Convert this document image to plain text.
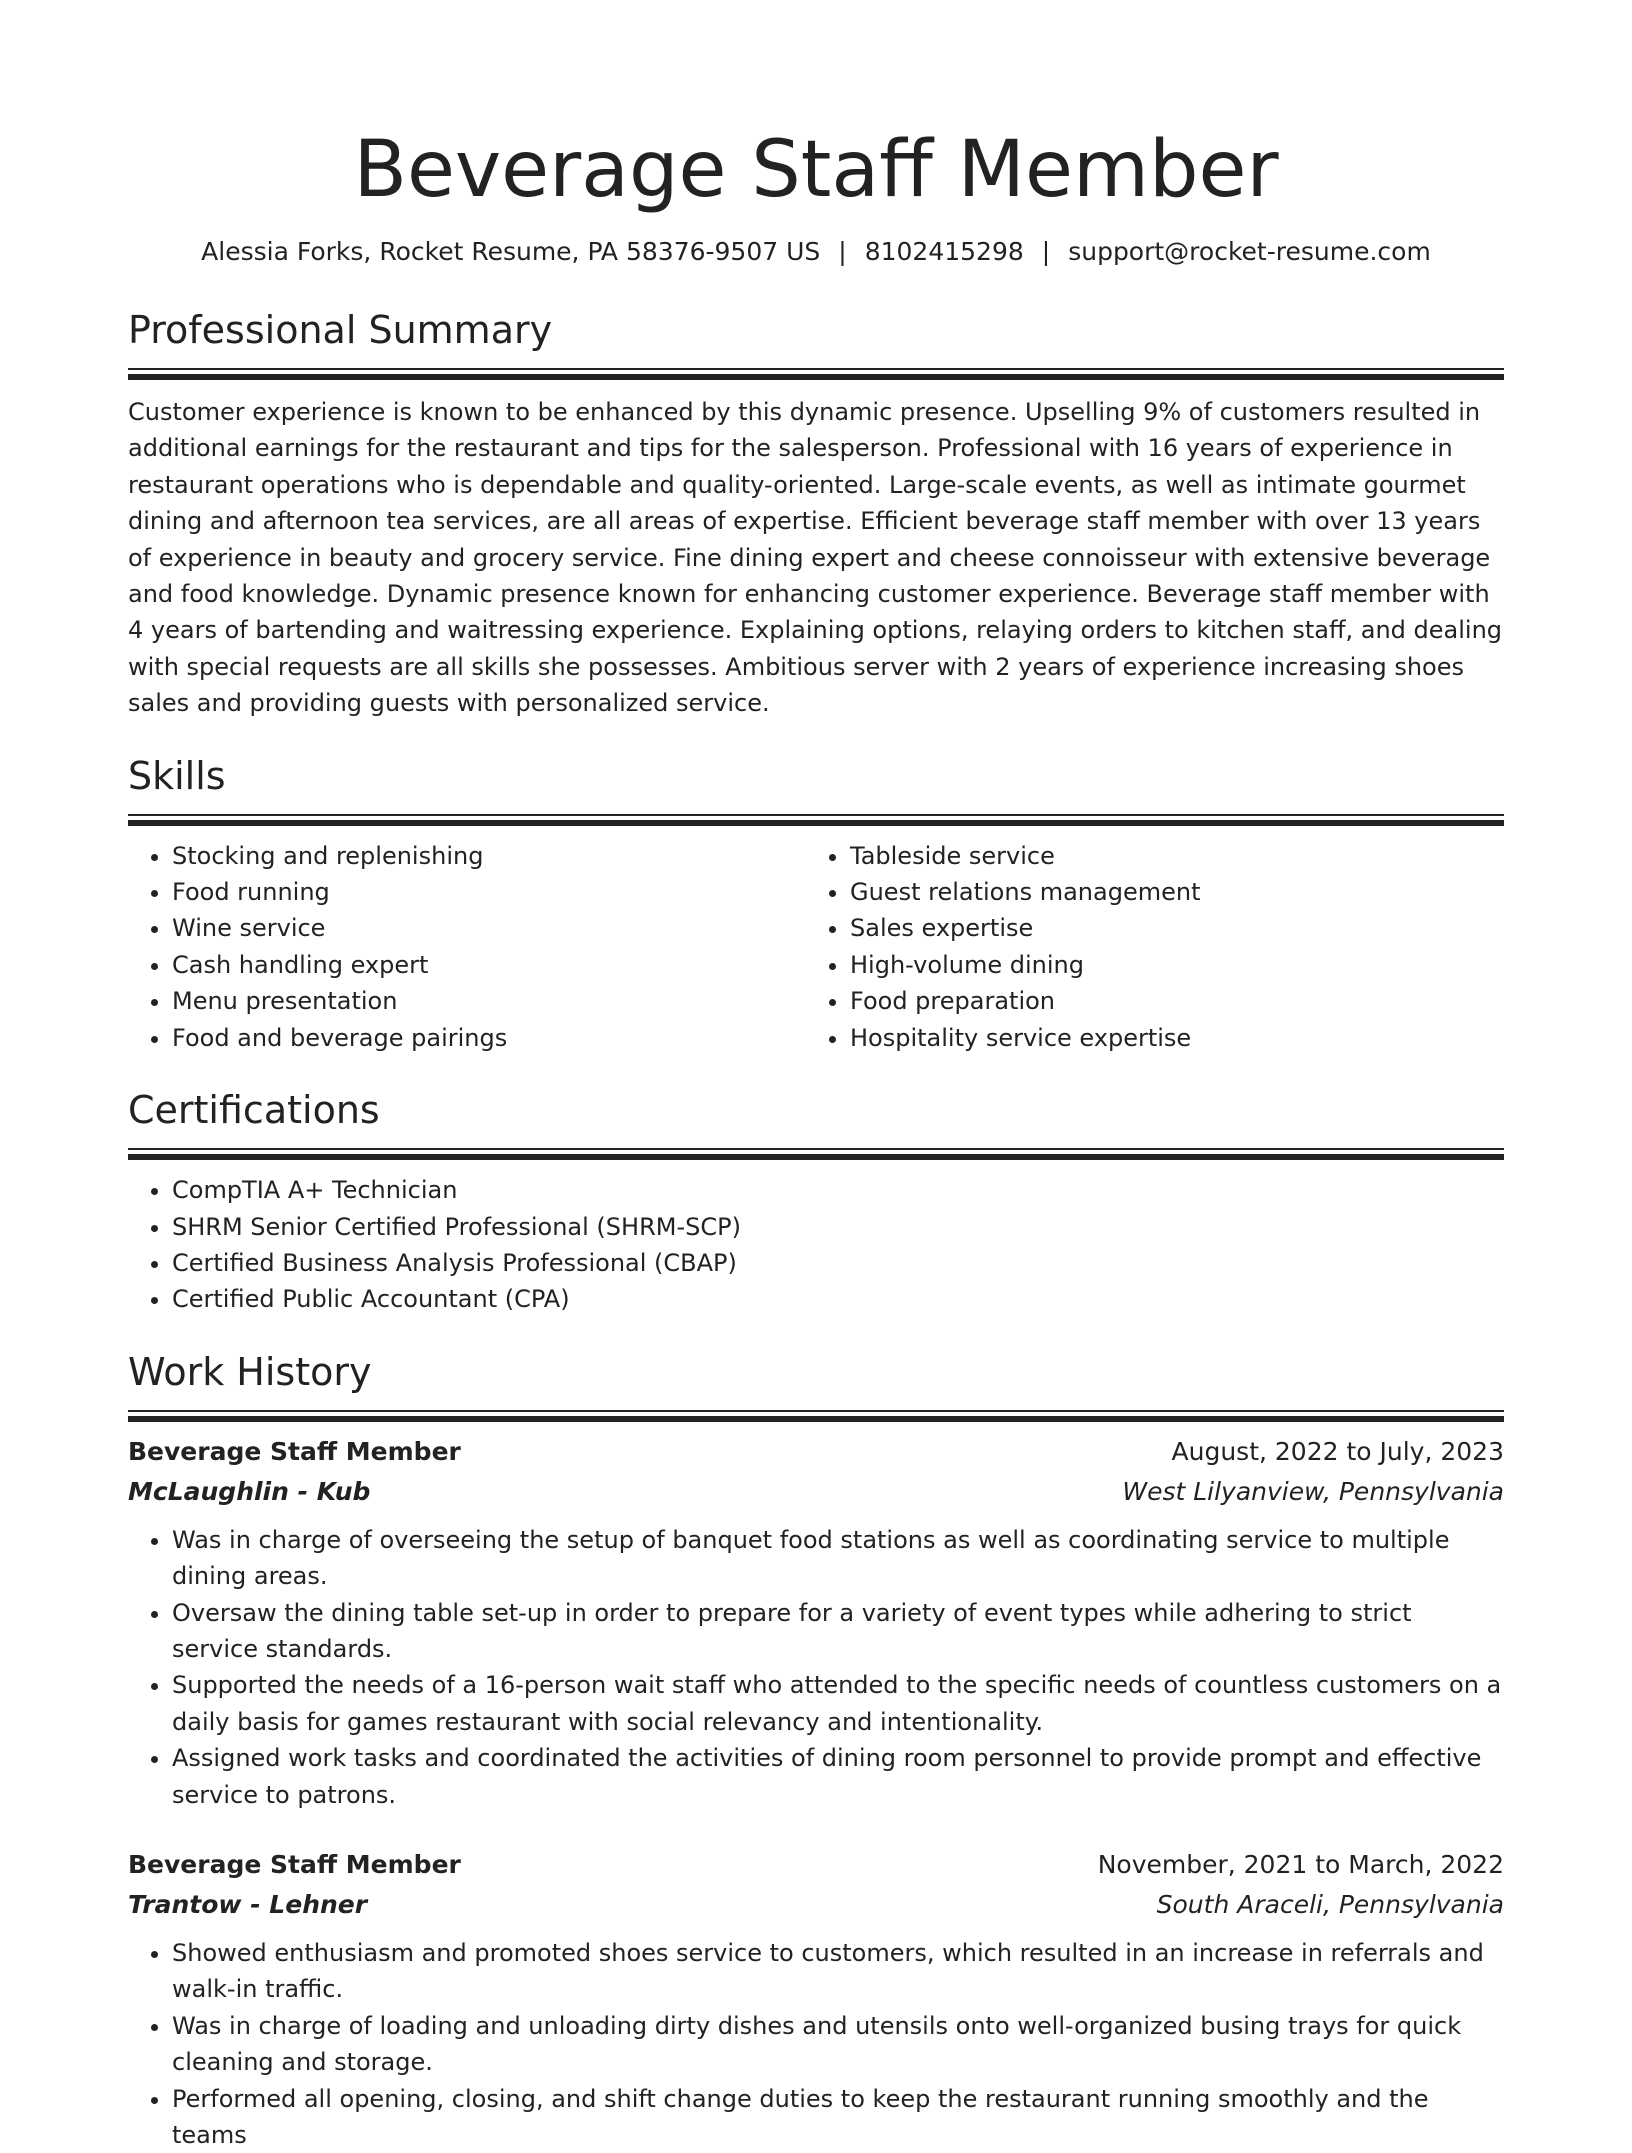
Beverage Staff Member
Alessia Forks, Rocket Resume, PA 58376-9507 US | 8102415298 | support@rocket-resume.com
Professional Summary

Customer experience is known to be enhanced by this dynamic presence. Upselling 9% of customers resulted in additional earnings for the restaurant and tips for the salesperson. Professional with 16 years of experience in restaurant operations who is dependable and quality-oriented. Large-scale events, as well as intimate gourmet dining and afternoon tea services, are all areas of expertise. Efficient beverage staff member with over 13 years of experience in beauty and grocery service. Fine dining expert and cheese connoisseur with extensive beverage and food knowledge. Dynamic presence known for enhancing customer experience. Beverage staff member with 4 years of bartending and waitressing experience. Explaining options, relaying orders to kitchen staff, and dealing with special requests are all skills she possesses. Ambitious server with 2 years of experience increasing shoes sales and providing guests with personalized service.

Skills
• Stocking and replenishing
• Food running
• Wine service
• Cash handling expert
• Menu presentation
• Food and beverage pairings
• Tableside service
• Guest relations management
• Sales expertise
• High-volume dining
• Food preparation
• Hospitality service expertise
Certifications
• CompTIA A+ Technician
• SHRM Senior Certified Professional (SHRM-SCP)
• Certified Business Analysis Professional (CBAP)
• Certified Public Accountant (CPA)
Work History
Beverage Staff Member	August, 2022 to July, 2023
McLaughlin - Kub	West Lilyanview, Pennsylvania
• Was in charge of overseeing the setup of banquet food stations as well as coordinating service to multiple dining areas.
• Oversaw the dining table set-up in order to prepare for a variety of event types while adhering to strict service standards.
• Supported the needs of a 16-person wait staff who attended to the specific needs of countless customers on a daily basis for games restaurant with social relevancy and intentionality.
• Assigned work tasks and coordinated the activities of dining room personnel to provide prompt and effective service to patrons.
Beverage Staff Member	November, 2021 to March, 2022
Trantow - Lehner	South Araceli, Pennsylvania
• Showed enthusiasm and promoted shoes service to customers, which resulted in an increase in referrals and walk-in traffic.
• Was in charge of loading and unloading dirty dishes and utensils onto well-organized busing trays for quick cleaning and storage.
• Performed all opening, closing, and shift change duties to keep the restaurant running smoothly and the teams
